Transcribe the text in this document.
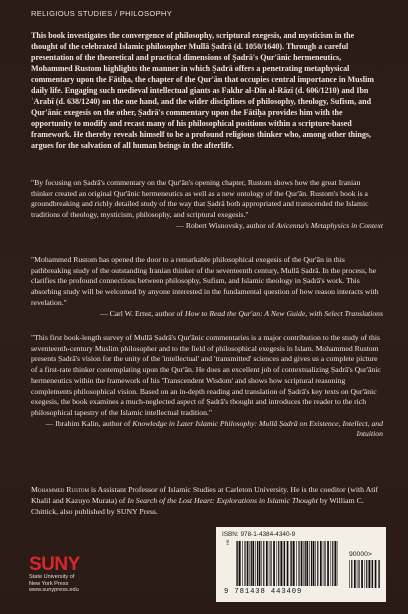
RELIGIOUS STUDIES / PHILOSOPHY
This book investigates the convergence of philosophy, scriptural exegesis, and mysticism in the thought of the celebrated Islamic philosopher Mullā Ṣadrā (d. 1050/1640). Through a careful presentation of the theoretical and practical dimensions of Ṣadrā's Qur'ānic hermeneutics, Mohammed Rustom highlights the manner in which Ṣadrā offers a penetrating metaphysical commentary upon the Fātiḥa, the chapter of the Qur'ān that occupies central importance in Muslim daily life. Engaging such medieval intellectual giants as Fakhr al-Dīn al-Rāzī (d. 606/1210) and Ibn ʿArabī (d. 638/1240) on the one hand, and the wider disciplines of philosophy, theology, Sufism, and Qur'ānic exegesis on the other, Ṣadrā's commentary upon the Fātiḥa provides him with the opportunity to modify and recast many of his philosophical positions within a scripture-based framework. He thereby reveals himself to be a profound religious thinker who, among other things, argues for the salvation of all human beings in the afterlife.
"By focusing on Ṣadrā's commentary on the Qur'ān's opening chapter, Rustom shows how the great Iranian thinker created an original Qur'ānic hermeneutics as well as a new ontology of the Qur'ān. Rustom's book is a groundbreaking and richly detailed study of the way that Ṣadrā both appropriated and transcended the Islamic traditions of theology, mysticism, philosophy, and scriptural exegesis."
— Robert Wisnovsky, author of Avicenna's Metaphysics in Context
"Mohammed Rustom has opened the door to a remarkable philosophical exegesis of the Qur'ān in this pathbreaking study of the outstanding Iranian thinker of the seventeenth century, Mullā Ṣadrā. In the process, he clarifies the profound connections between philosophy, Sufism, and Islamic theology in Ṣadrā's work. This absorbing study will be welcomed by anyone interested in the fundamental question of how reason interacts with revelation."
— Carl W. Ernst, author of How to Read the Qur'an: A New Guide, with Select Translations
"This first book-length survey of Mullā Ṣadrā's Qur'ānic commentaries is a major contribution to the study of this seventeenth-century Muslim philosopher and to the field of philosophical exegesis in Islam. Mohammed Rustom presents Ṣadrā's vision for the unity of the 'intellectual' and 'transmitted' sciences and gives us a complete picture of a first-rate thinker contemplating upon the Qur'ān. He does an excellent job of contextualizing Ṣadrā's Qur'ānic hermeneutics within the framework of his 'Transcendent Wisdom' and shows how scriptural reasoning complements philosophical vision. Based on an in-depth reading and translation of Ṣadrā's key texts on Qur'ānic exegesis, the book examines a much-neglected aspect of Ṣadrā's thought and introduces the reader to the rich philosophical tapestry of the Islamic intellectual tradition."
— Ibrahim Kalin, author of Knowledge in Later Islamic Philosophy: Mullā Ṣadrā on Existence, Intellect, and Intuition
Mohammed Rustom is Assistant Professor of Islamic Studies at Carleton University. He is the coeditor (with Atif Khalil and Kazuyo Murata) of In Search of the Lost Heart: Explorations in Islamic Thought by William C. Chittick, also published by SUNY Press.
SUNY
State University of
New York Press
www.sunypress.edu
ISBN: 978-1-4384-4340-9
HB
90000>
9 781438 443409
